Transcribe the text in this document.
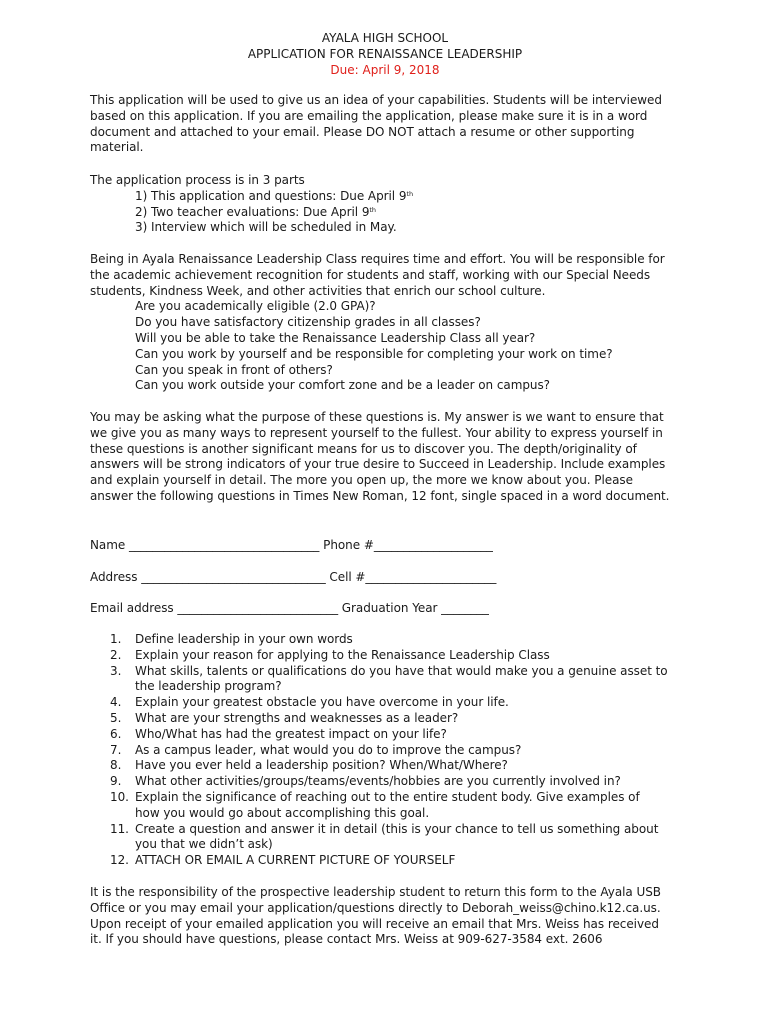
AYALA HIGH SCHOOL
APPLICATION FOR RENAISSANCE LEADERSHIP
Due: April 9, 2018
This application will be used to give us an idea of your capabilities. Students will be interviewed
based on this application. If you are emailing the application, please make sure it is in a word
document and attached to your email. Please DO NOT attach a resume or other supporting
material.
The application process is in 3 parts
1) This application and questions: Due April 9th
2) Two teacher evaluations: Due April 9th
3) Interview which will be scheduled in May.
Being in Ayala Renaissance Leadership Class requires time and effort. You will be responsible for
the academic achievement recognition for students and staff, working with our Special Needs
students, Kindness Week, and other activities that enrich our school culture.
Are you academically eligible (2.0 GPA)?
Do you have satisfactory citizenship grades in all classes?
Will you be able to take the Renaissance Leadership Class all year?
Can you work by yourself and be responsible for completing your work on time?
Can you speak in front of others?
Can you work outside your comfort zone and be a leader on campus?
You may be asking what the purpose of these questions is. My answer is we want to ensure that
we give you as many ways to represent yourself to the fullest. Your ability to express yourself in
these questions is another significant means for us to discover you. The depth/originality of
answers will be strong indicators of your true desire to Succeed in Leadership. Include examples
and explain yourself in detail. The more you open up, the more we know about you. Please
answer the following questions in Times New Roman, 12 font, single spaced in a word document.
Name ________________________________ Phone #____________________
Address _______________________________ Cell #______________________
Email address ___________________________ Graduation Year ________
1.	Define leadership in your own words
2.	Explain your reason for applying to the Renaissance Leadership Class
3.	What skills, talents or qualifications do you have that would make you a genuine asset to
the leadership program?
4.	Explain your greatest obstacle you have overcome in your life.
5.	What are your strengths and weaknesses as a leader?
6.	Who/What has had the greatest impact on your life?
7.	As a campus leader, what would you do to improve the campus?
8.	Have you ever held a leadership position? When/What/Where?
9.	What other activities/groups/teams/events/hobbies are you currently involved in?
10. Explain the significance of reaching out to the entire student body. Give examples of
how you would go about accomplishing this goal.
11. Create a question and answer it in detail (this is your chance to tell us something about
you that we didn’t ask)
12. ATTACH OR EMAIL A CURRENT PICTURE OF YOURSELF
It is the responsibility of the prospective leadership student to return this form to the Ayala USB
Office or you may email your application/questions directly to Deborah_weiss@chino.k12.ca.us.
Upon receipt of your emailed application you will receive an email that Mrs. Weiss has received
it. If you should have questions, please contact Mrs. Weiss at 909-627-3584 ext. 2606
